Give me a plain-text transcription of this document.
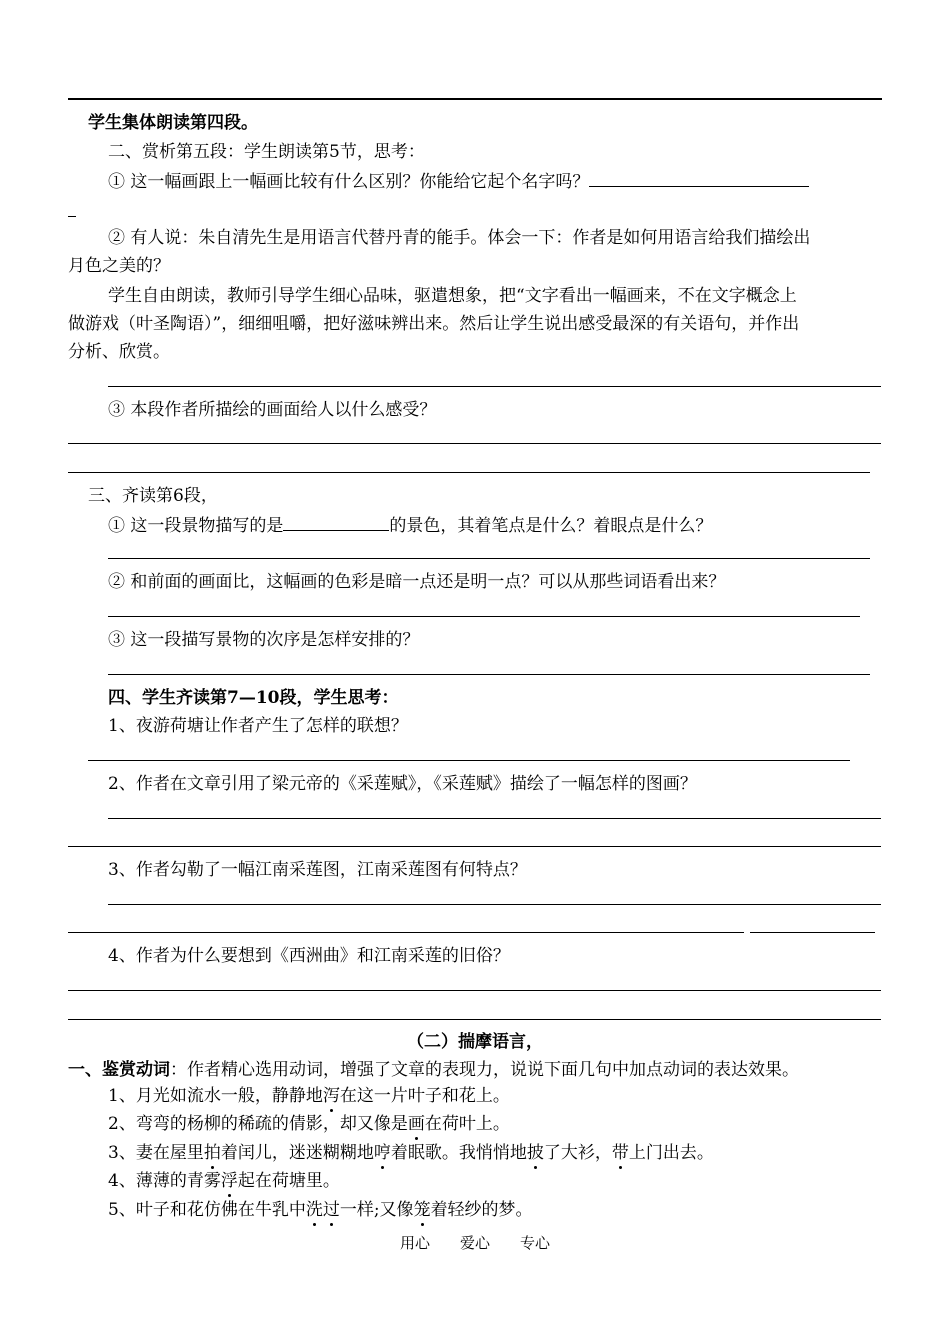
学生集体朗读第四段。
二、赏析第五段：学生朗读第5节，思考：
① 这一幅画跟上一幅画比较有什么区别？你能给它起个名字吗？
② 有人说：朱自清先生是用语言代替丹青的能手。体会一下：作者是如何用语言给我们描绘出
月色之美的？
学生自由朗读，教师引导学生细心品味，驱遣想象，把“文字看出一幅画来，不在文字概念上
做游戏（叶圣陶语）”，细细咀嚼，把好滋味辨出来。然后让学生说出感受最深的有关语句，并作出
分析、欣赏。
③ 本段作者所描绘的画面给人以什么感受？
三、齐读第6段，
① 这一段景物描写的是	的景色，其着笔点是什么？着眼点是什么？
② 和前面的画面比，这幅画的色彩是暗一点还是明一点？可以从那些词语看出来？
③ 这一段描写景物的次序是怎样安排的？
四、学生齐读第7—10段，学生思考：
1、夜游荷塘让作者产生了怎样的联想？
2、作者在文章引用了梁元帝的《采莲赋》，《采莲赋》描绘了一幅怎样的图画？
3、作者勾勒了一幅江南采莲图，江南采莲图有何特点？
4、作者为什么要想到《西洲曲》和江南采莲的旧俗？
（二）揣摩语言，
一、鉴赏动词：作者精心选用动词，增强了文章的表现力，说说下面几句中加点动词的表达效果。
1、月光如流水一般，静静地泻在这一片叶子和花上。
2、弯弯的杨柳的稀疏的倩影，却又像是画在荷叶上。
3、妻在屋里拍着闰儿，迷迷糊糊地哼着眠歌。我悄悄地披了大衫，带上门出去。
4、薄薄的青雾浮起在荷塘里。
5、叶子和花仿佛在牛乳中洗过一样;又像笼着轻纱的梦。
用心　　爱心　　专心
